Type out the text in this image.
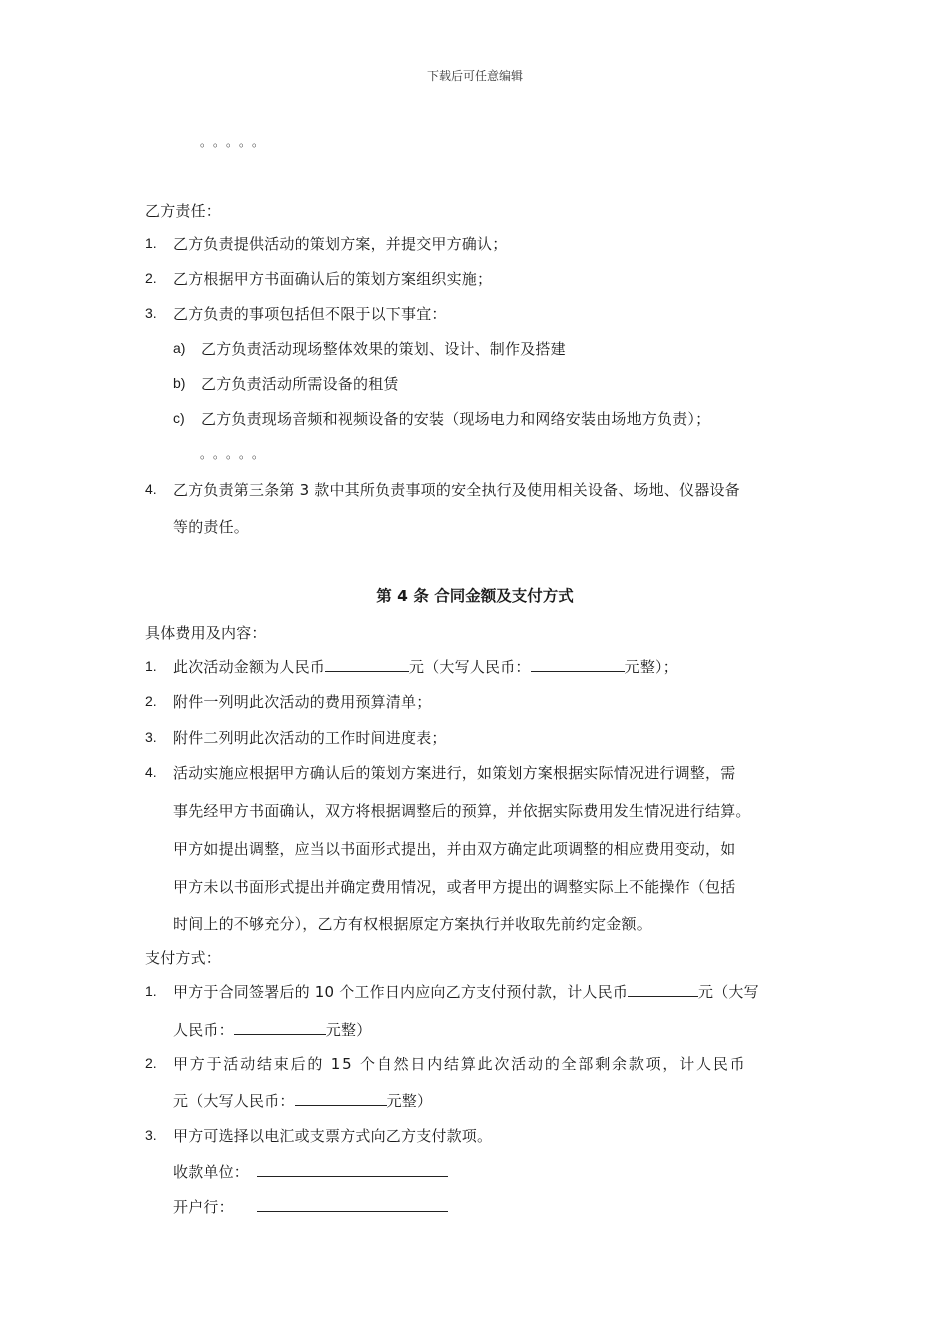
下载后可任意编辑
。。。。。
乙方责任：
1. 乙方负责提供活动的策划方案，并提交甲方确认；
2. 乙方根据甲方书面确认后的策划方案组织实施；
3. 乙方负责的事项包括但不限于以下事宜：
a) 乙方负责活动现场整体效果的策划、设计、制作及搭建
b) 乙方负责活动所需设备的租赁
c) 乙方负责现场音频和视频设备的安装（现场电力和网络安装由场地方负责）；
。。。。。
4. 乙方负责第三条第 3 款中其所负责事项的安全执行及使用相关设备、场地、仪器设备
等的责任。
第 4 条 合同金额及支付方式
具体费用及内容：
1. 此次活动金额为人民币	元（大写人民币：	元整）；
2. 附件一列明此次活动的费用预算清单；
3. 附件二列明此次活动的工作时间进度表；
4. 活动实施应根据甲方确认后的策划方案进行，如策划方案根据实际情况进行调整，需
事先经甲方书面确认，双方将根据调整后的预算，并依据实际费用发生情况进行结算。
甲方如提出调整，应当以书面形式提出，并由双方确定此项调整的相应费用变动，如
甲方未以书面形式提出并确定费用情况，或者甲方提出的调整实际上不能操作（包括
时间上的不够充分），乙方有权根据原定方案执行并收取先前约定金额。
支付方式：
1. 甲方于合同签署后的 10 个工作日内应向乙方支付预付款，计人民币	元（大写
人民币：	元整）
2. 甲方于活动结束后的 15 个自然日内结算此次活动的全部剩余款项，计人民币
元（大写人民币：	元整）
3. 甲方可选择以电汇或支票方式向乙方支付款项。
收款单位：
开户行：
